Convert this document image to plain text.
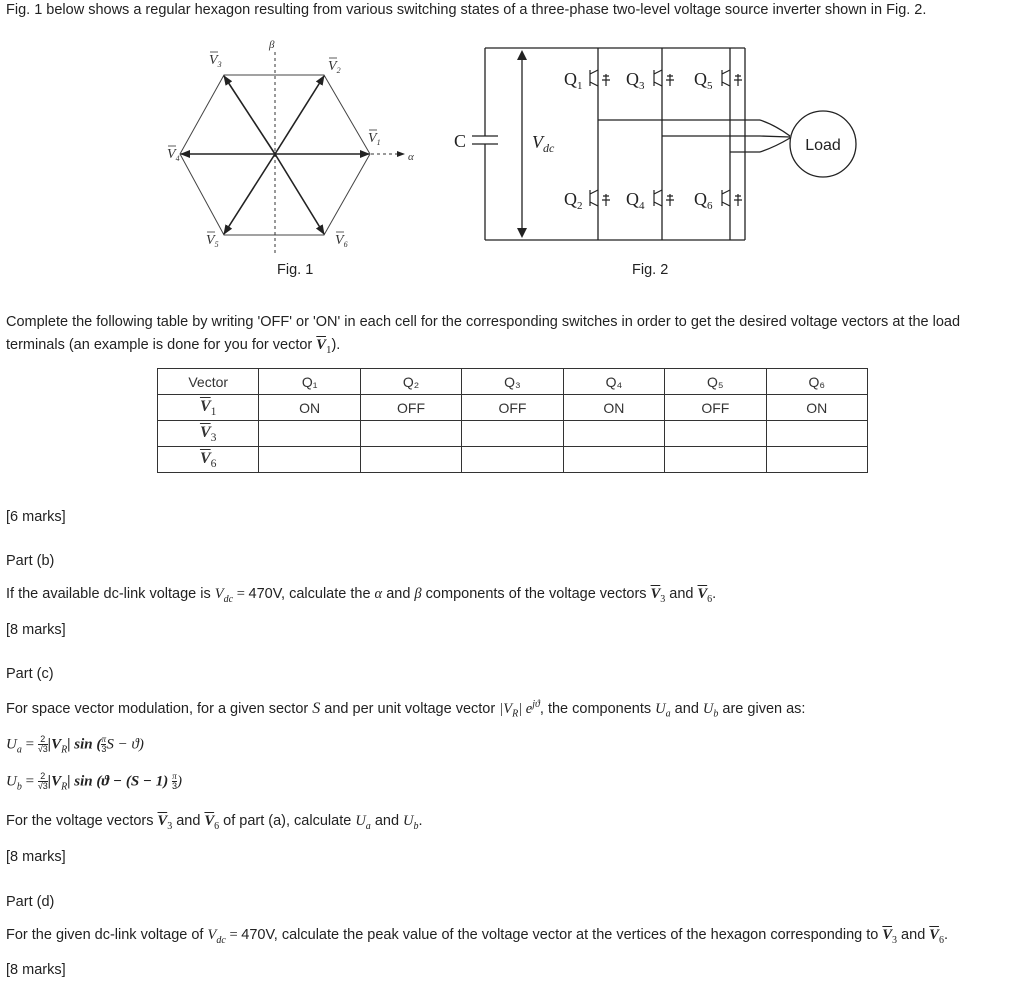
Fig. 1 below shows a regular hexagon resulting from various switching states of a three-phase two-level voltage source inverter shown in Fig. 2.
β
α
$V_1$
$V_2$
$V_3$
$V_4$
$V_5$	$V_6$
Fig. 1
Load
C	$V_{dc}$
$Q_1$ $Q_3$	$Q_5$
$Q_2$ $Q_4$	$Q_6$
Fig. 2
Complete the following table by writing 'OFF' or 'ON' in each cell for the corresponding switches in order to get the desired voltage vectors at the load
terminals (an example is done for you for vector $\overline{V}_1$).
Vector	Q₁	Q₂	Q₃	Q₄	Q₅	Q₆
$\overline{V}_1$	ON	OFF	OFF	ON	OFF	ON
$\overline{V}_3$						
$\overline{V}_6$						
[6 marks]
Part (b)
If the available dc-link voltage is $V_{dc} = 470V$, calculate the α and β components of the voltage vectors $\overline{V}_3$ and $\overline{V}_6$.
[8 marks]
Part (c)
For space vector modulation, for a given sector S and per unit voltage vector $|V_R|$ $e^{jϑ}$, the components $U_a$ and $U_b$ are given as:
$U_a = \frac{2}{√3} |V_R|$ sin ( $\frac{\pi}{3}$ S − ϑ)
$U_b = \frac{2}{√3} |V_R|$ $\sin (ϑ - (S - 1) \frac{\pi}{3}$ )
For the voltage vectors $\overline{V}_3$ and $\overline{V}_6$ of part (a), calculate $U_a$ and $U_b$.
[8 marks]
Part (d)
For the given dc-link voltage of $V_{dc} = 470V$, calculate the peak value of the voltage vector at the vertices of the hexagon corresponding to $\overline{V}_3$ and $\overline{V}_6$.
[8 marks]
